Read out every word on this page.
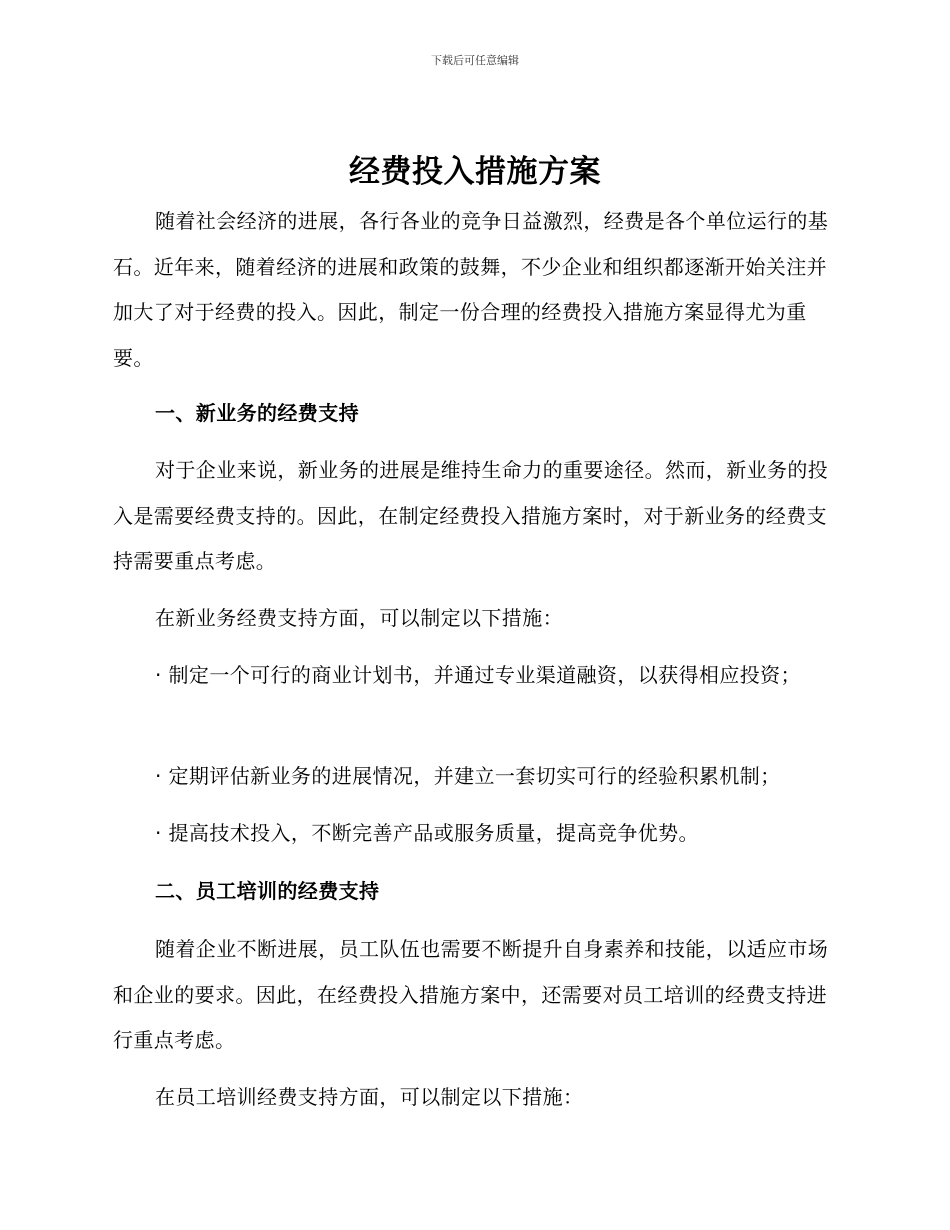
下载后可任意编辑
经费投入措施方案
随着社会经济的进展，各行各业的竞争日益激烈，经费是各个单位运行的基石。近年来，随着经济的进展和政策的鼓舞，不少企业和组织都逐渐开始关注并加大了对于经费的投入。因此，制定一份合理的经费投入措施方案显得尤为重要。
一、新业务的经费支持
对于企业来说，新业务的进展是维持生命力的重要途径。然而，新业务的投入是需要经费支持的。因此，在制定经费投入措施方案时，对于新业务的经费支持需要重点考虑。
在新业务经费支持方面，可以制定以下措施：
· 制定一个可行的商业计划书，并通过专业渠道融资，以获得相应投资；
· 定期评估新业务的进展情况，并建立一套切实可行的经验积累机制；
· 提高技术投入，不断完善产品或服务质量，提高竞争优势。
二、员工培训的经费支持
随着企业不断进展，员工队伍也需要不断提升自身素养和技能，以适应市场和企业的要求。因此，在经费投入措施方案中，还需要对员工培训的经费支持进行重点考虑。
在员工培训经费支持方面，可以制定以下措施：
